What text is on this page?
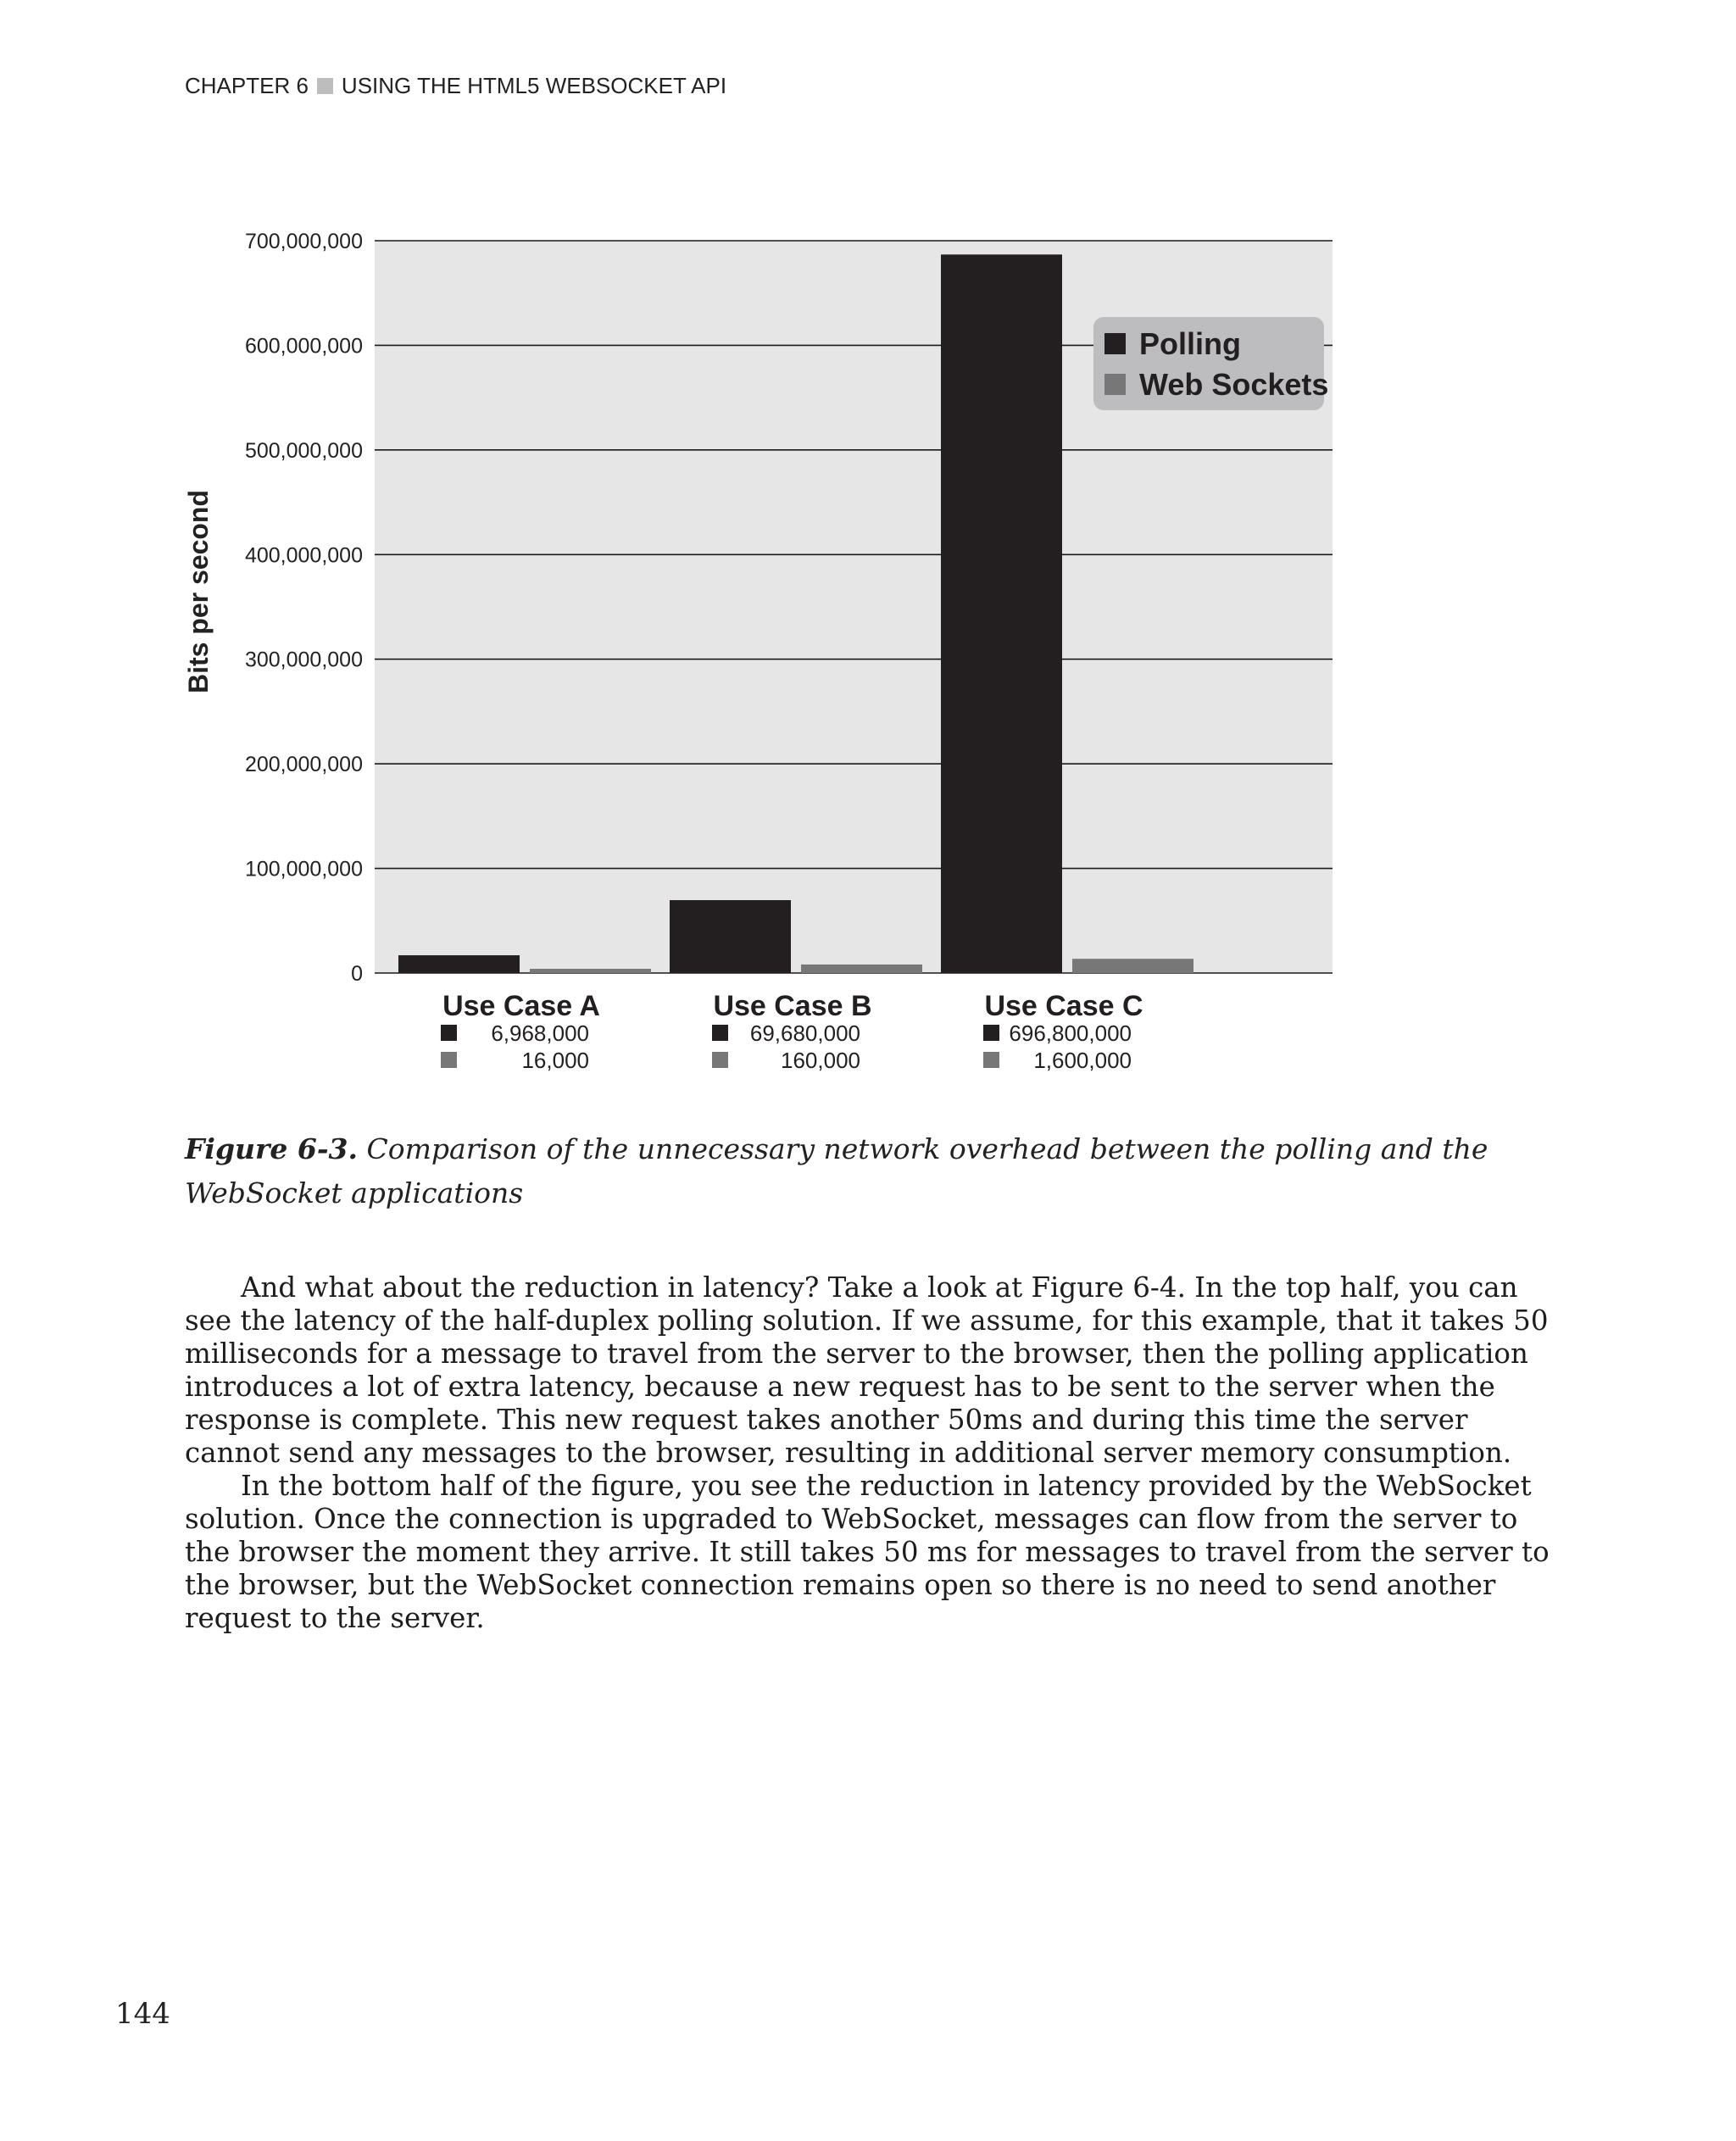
CHAPTER 6 USING THE HTML5 WEBSOCKET API
0
100,000,000
200,000,000
300,000,000
400,000,000
500,000,000
600,000,000
700,000,000
Use Case A
6,968,000
16,000
Use Case B
69,680,000
160,000
Use Case C
696,800,000
1,600,000
Bits per second
Polling
Web Sockets
Figure 6-3. Comparison of the unnecessary network overhead between the polling and the WebSocket applications

And what about the reduction in latency? Take a look at Figure 6-4. In the top half, you can see the latency of the half-duplex polling solution. If we assume, for this example, that it takes 50 milliseconds for a message to travel from the server to the browser, then the polling application introduces a lot of extra latency, because a new request has to be sent to the server when the response is complete. This new request takes another 50ms and during this time the server cannot send any messages to the browser, resulting in additional server memory consumption.

In the bottom half of the figure, you see the reduction in latency provided by the WebSocket solution. Once the connection is upgraded to WebSocket, messages can flow from the server to the browser the moment they arrive. It still takes 50 ms for messages to travel from the server to the browser, but the WebSocket connection remains open so there is no need to send another request to the server.

144
